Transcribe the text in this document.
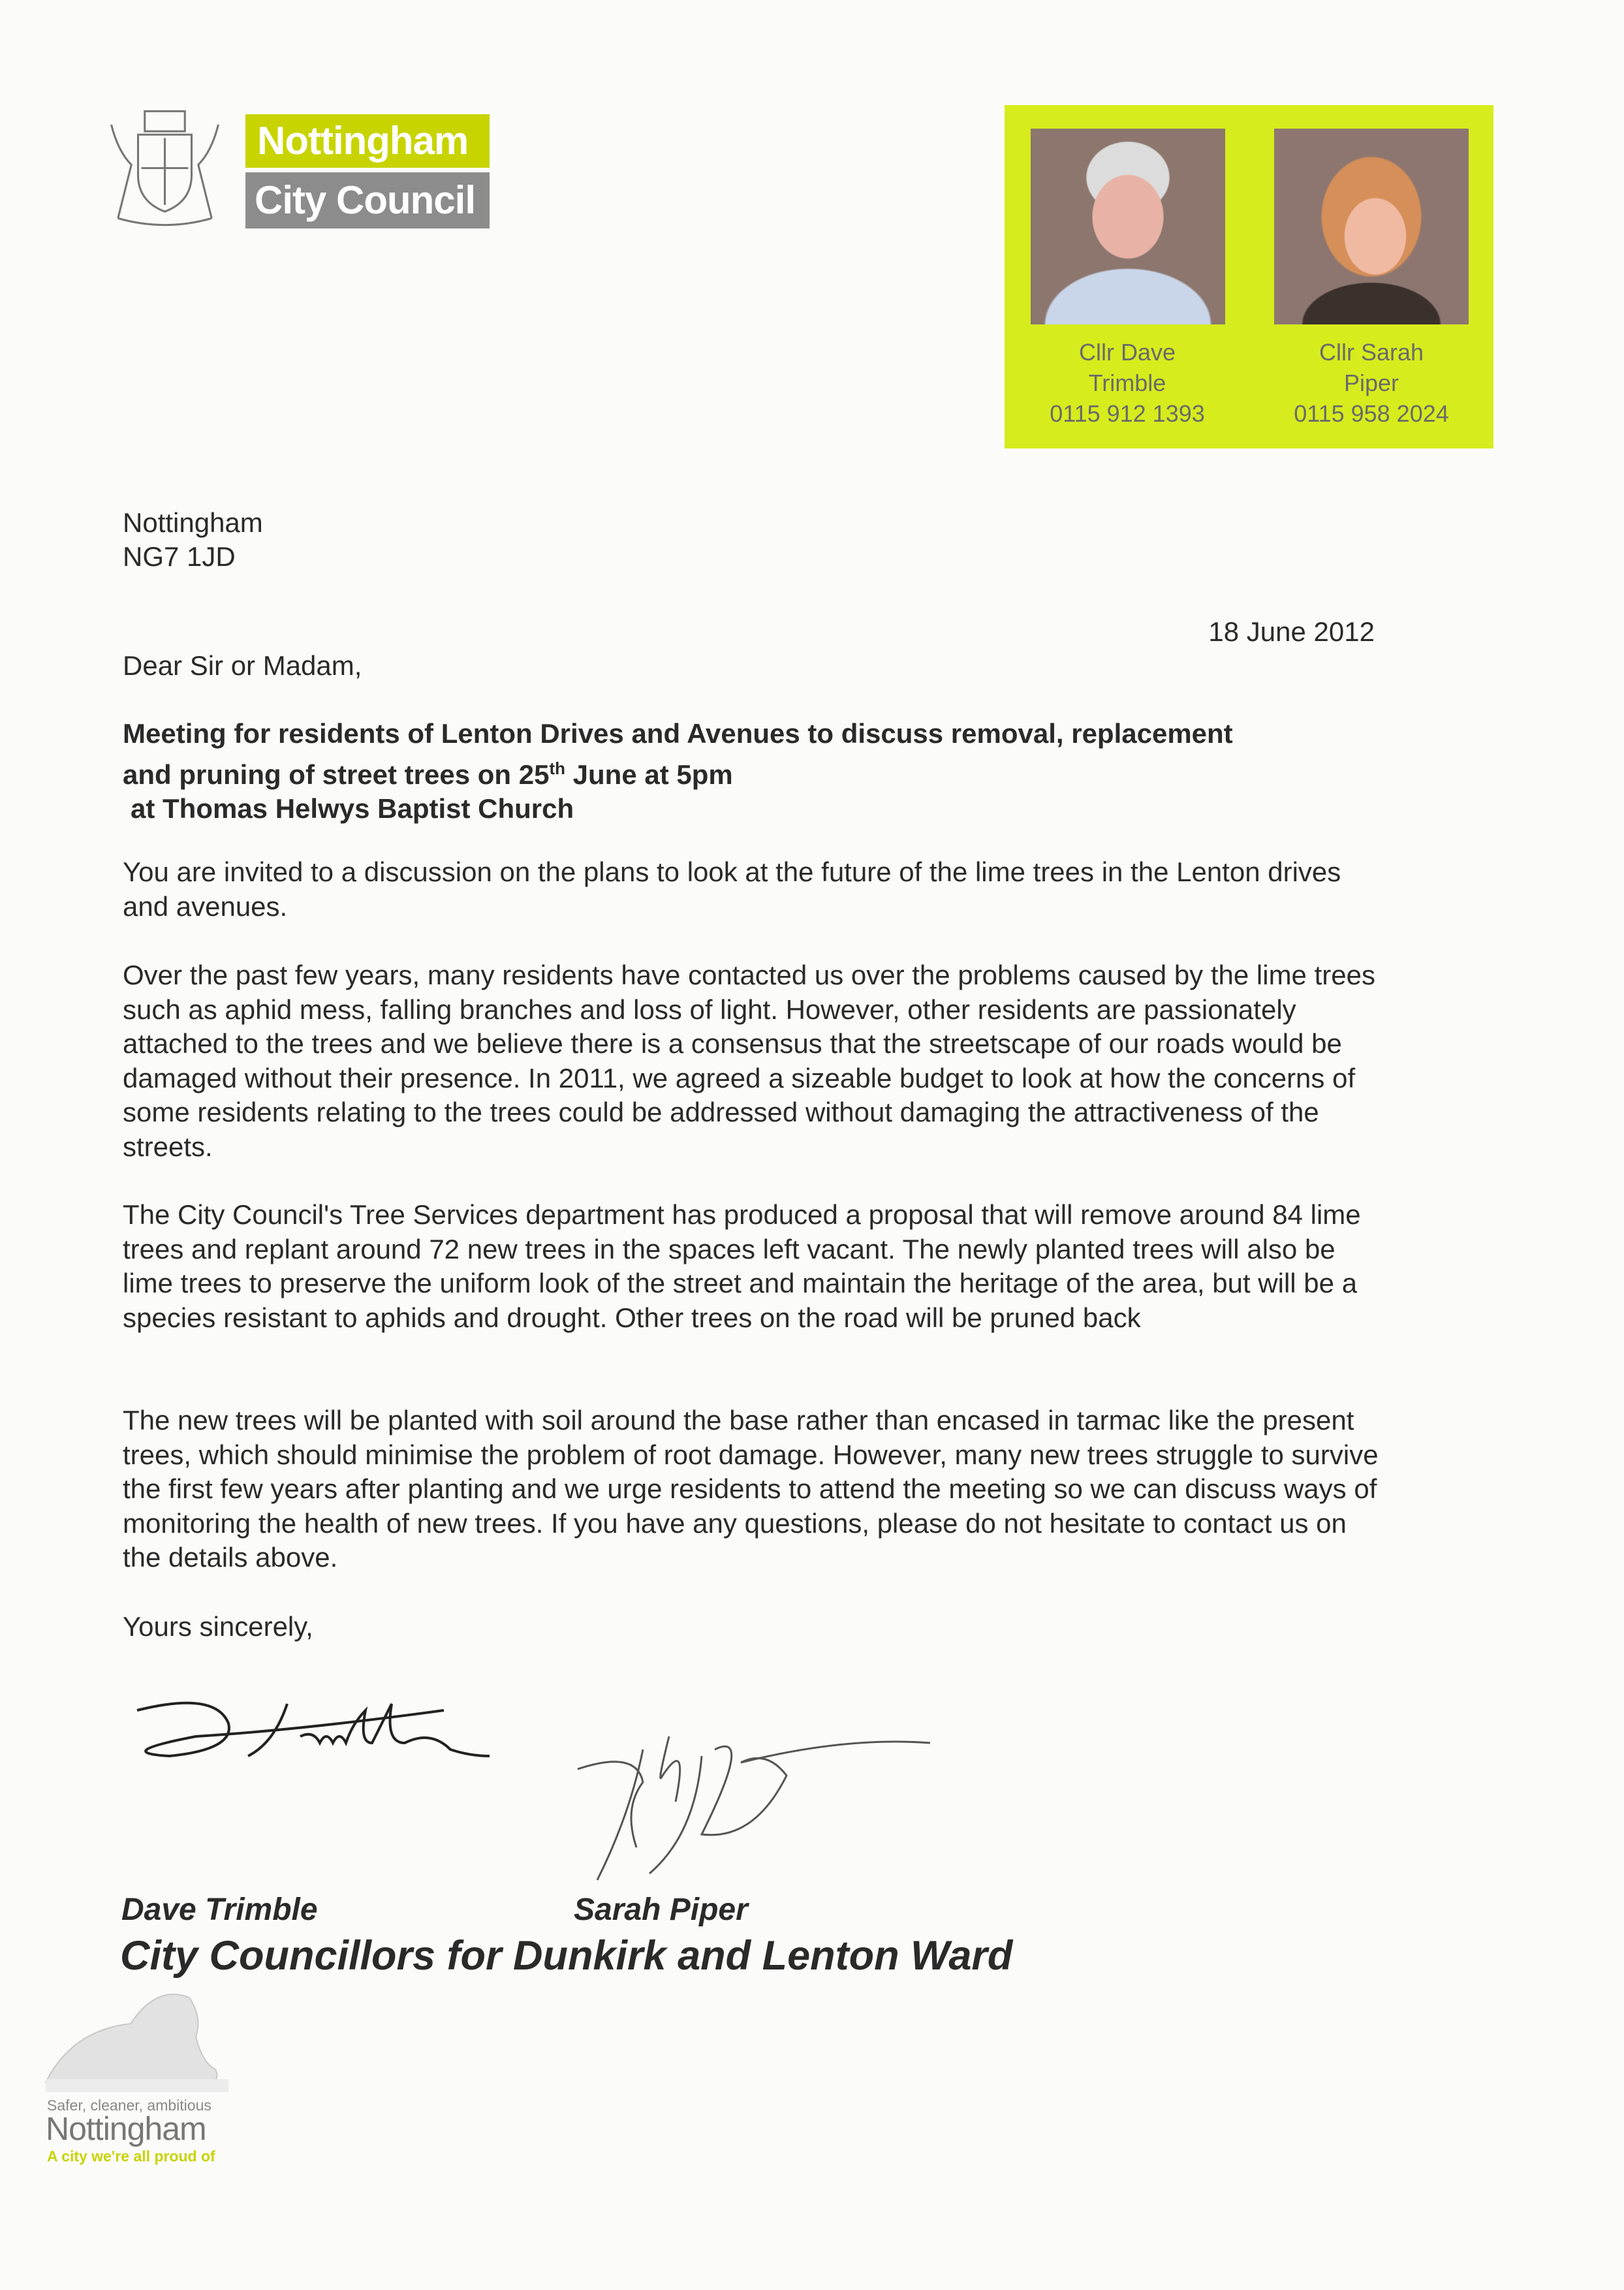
Nottingham
City Council
Cllr Dave
Trimble
0115 912 1393
Cllr Sarah
Piper
0115 958 2024
Nottingham
NG7 1JD
18 June 2012
Dear Sir or Madam,
Meeting for residents of Lenton Drives and Avenues to discuss removal, replacement
and pruning of street trees on 25th June at 5pm
at Thomas Helwys Baptist Church

You are invited to a discussion on the plans to look at the future of the lime trees in the Lenton drives and avenues.

Over the past few years, many residents have contacted us over the problems caused by the lime trees such as aphid mess, falling branches and loss of light. However, other residents are passionately attached to the trees and we believe there is a consensus that the streetscape of our roads would be damaged without their presence. In 2011, we agreed a sizeable budget to look at how the concerns of some residents relating to the trees could be addressed without damaging the attractiveness of the streets.

The City Council's Tree Services department has produced a proposal that will remove around 84 lime trees and replant around 72 new trees in the spaces left vacant. The newly planted trees will also be lime trees to preserve the uniform look of the street and maintain the heritage of the area, but will be a species resistant to aphids and drought. Other trees on the road will be pruned back

The new trees will be planted with soil around the base rather than encased in tarmac like the present trees, which should minimise the problem of root damage. However, many new trees struggle to survive the first few years after planting and we urge residents to attend the meeting so we can discuss ways of monitoring the health of new trees. If you have any questions, please do not hesitate to contact us on the details above.

Yours sincerely,
Dave Trimble	Sarah Piper
City Councillors for Dunkirk and Lenton Ward
Safer, cleaner, ambitious
Nottingham
A city we're all proud of
